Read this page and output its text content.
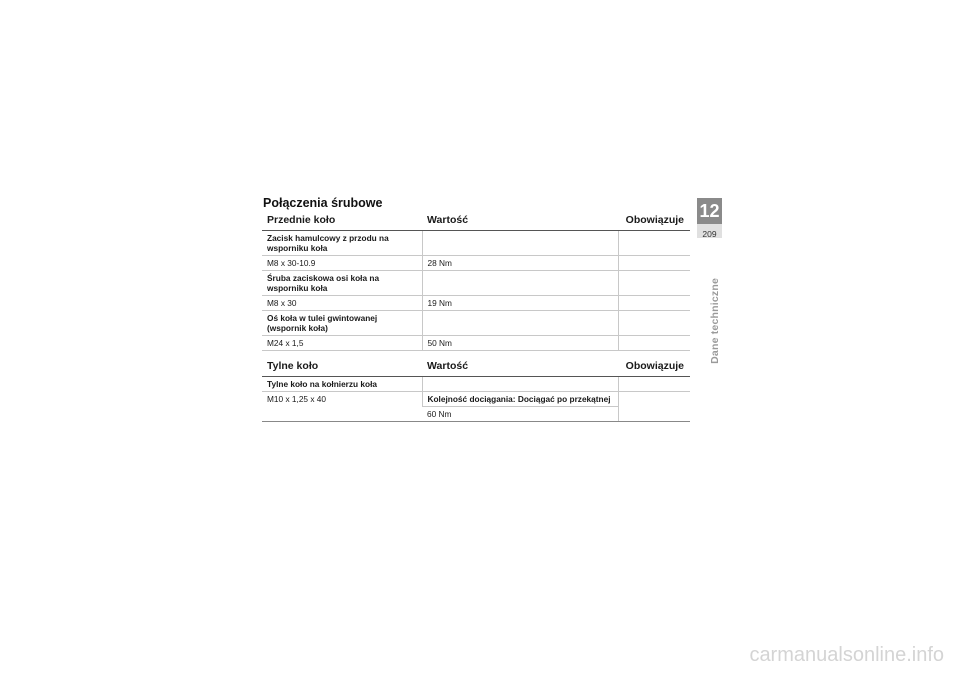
Połączenia śrubowe
Przednie koło	Wartość	Obowiązuje
Zacisk hamulcowy z przodu na wsporniku koła		
M8 x 30-10.9	28 Nm	
Śruba zaciskowa osi koła na wsporniku koła		
M8 x 30	19 Nm	
Oś koła w tulei gwintowanej (wspornik koła)		
M24 x 1,5	50 Nm	
Tylne koło	Wartość	Obowiązuje
Tylne koło na kołnierzu koła		
M10 x 1,25 x 40	Kolejność dociągania: Dociągać po przekątnej	
	60 Nm	
12
209
Dane techniczne
carmanualsonline.info
